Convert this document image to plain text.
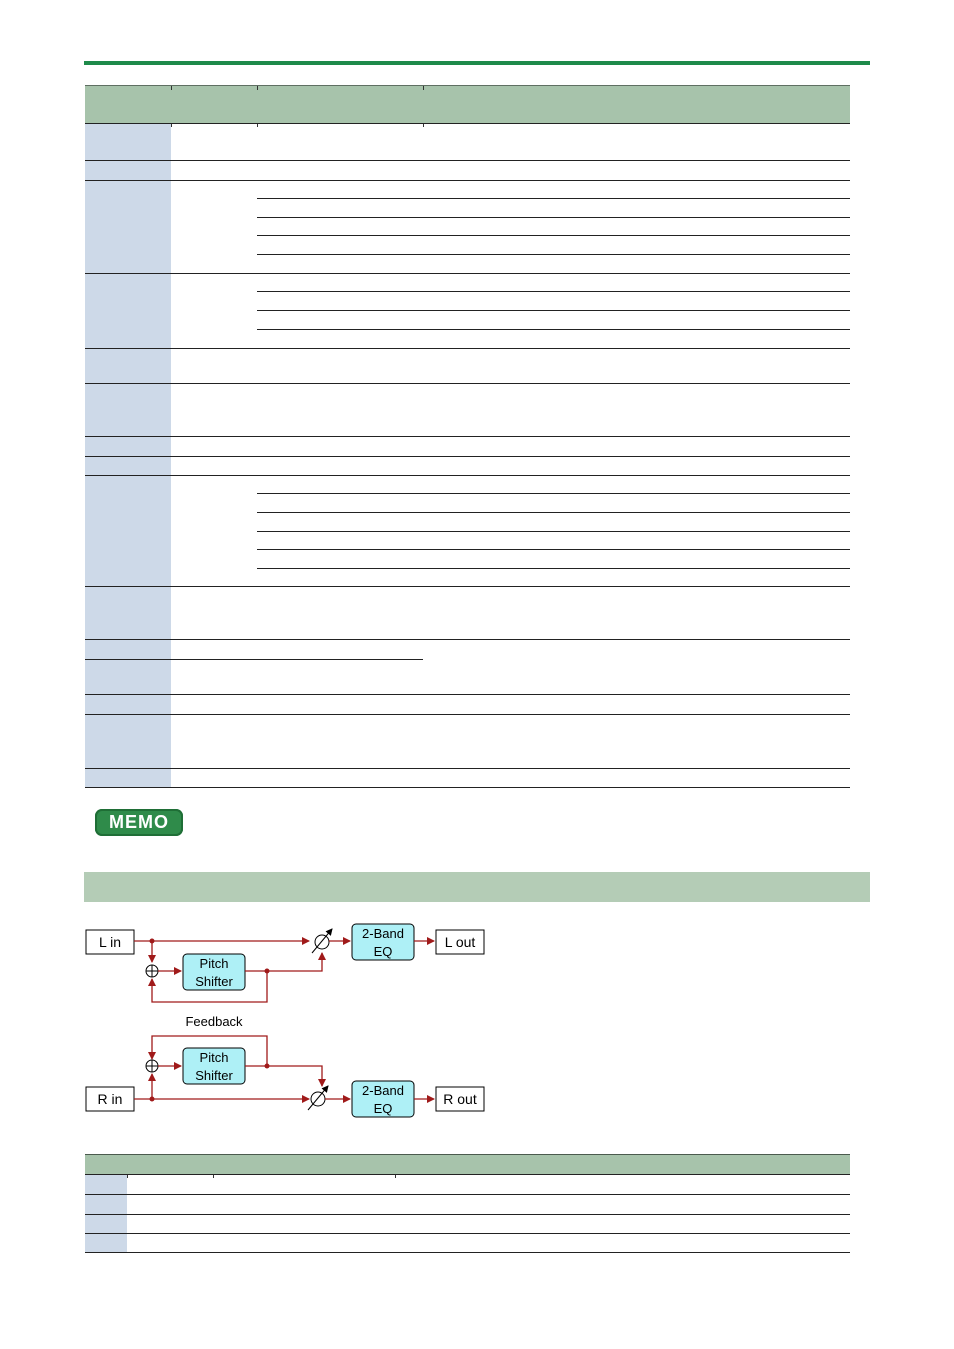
MEMO
L in
Pitch
Shifter
2-Band
EQ
L out
Feedback
Pitch
Shifter
R in
2-Band
EQ
R out
